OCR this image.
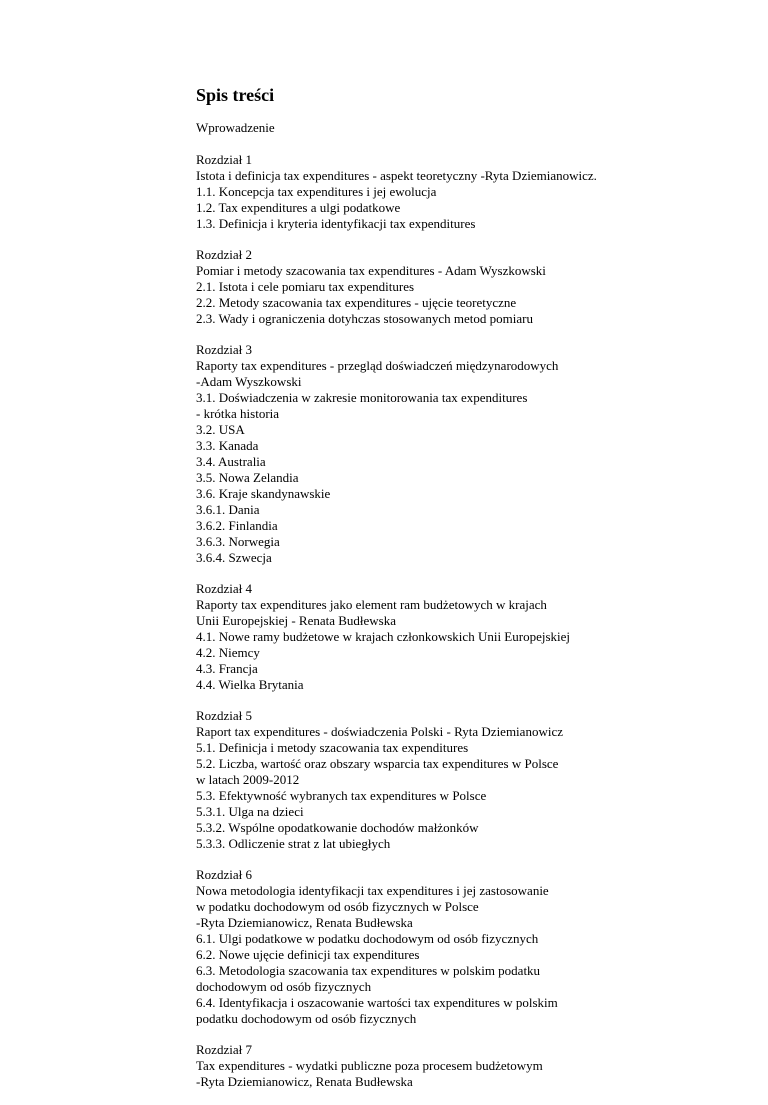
Spis treści
Wprowadzenie
Rozdział 1
Istota i definicja tax expenditures - aspekt teoretyczny -Ryta Dziemianowicz.
1.1. Koncepcja tax expenditures i jej ewolucja
1.2. Tax expenditures a ulgi podatkowe
1.3. Definicja i kryteria identyfikacji tax expenditures
Rozdział 2
Pomiar i metody szacowania tax expenditures - Adam Wyszkowski
2.1. Istota i cele pomiaru tax expenditures
2.2. Metody szacowania tax expenditures - ujęcie teoretyczne
2.3. Wady i ograniczenia dotyhczas stosowanych metod pomiaru
Rozdział 3
Raporty tax expenditures - przegląd doświadczeń międzynarodowych
-Adam Wyszkowski
3.1. Doświadczenia w zakresie monitorowania tax expenditures
- krótka historia
3.2. USA
3.3. Kanada
3.4. Australia
3.5. Nowa Zelandia
3.6. Kraje skandynawskie
3.6.1. Dania
3.6.2. Finlandia
3.6.3. Norwegia
3.6.4. Szwecja
Rozdział 4
Raporty tax expenditures jako element ram budżetowych w krajach
Unii Europejskiej - Renata Budłewska
4.1. Nowe ramy budżetowe w krajach członkowskich Unii Europejskiej
4.2. Niemcy
4.3. Francja
4.4. Wielka Brytania
Rozdział 5
Raport tax expenditures - doświadczenia Polski - Ryta Dziemianowicz
5.1. Definicja i metody szacowania tax expenditures
5.2. Liczba, wartość oraz obszary wsparcia tax expenditures w Polsce
w latach 2009-2012
5.3. Efektywność wybranych tax expenditures w Polsce
5.3.1. Ulga na dzieci
5.3.2. Wspólne opodatkowanie dochodów małżonków
5.3.3. Odliczenie strat z lat ubiegłych
Rozdział 6
Nowa metodologia identyfikacji tax expenditures i jej zastosowanie
w podatku dochodowym od osób fizycznych w Polsce
-Ryta Dziemianowicz, Renata Budłewska
6.1. Ulgi podatkowe w podatku dochodowym od osób fizycznych
6.2. Nowe ujęcie definicji tax expenditures
6.3. Metodologia szacowania tax expenditures w polskim podatku
dochodowym od osób fizycznych
6.4. Identyfikacja i oszacowanie wartości tax expenditures w polskim
podatku dochodowym od osób fizycznych
Rozdział 7
Tax expenditures - wydatki publiczne poza procesem budżetowym
-Ryta Dziemianowicz, Renata Budłewska
